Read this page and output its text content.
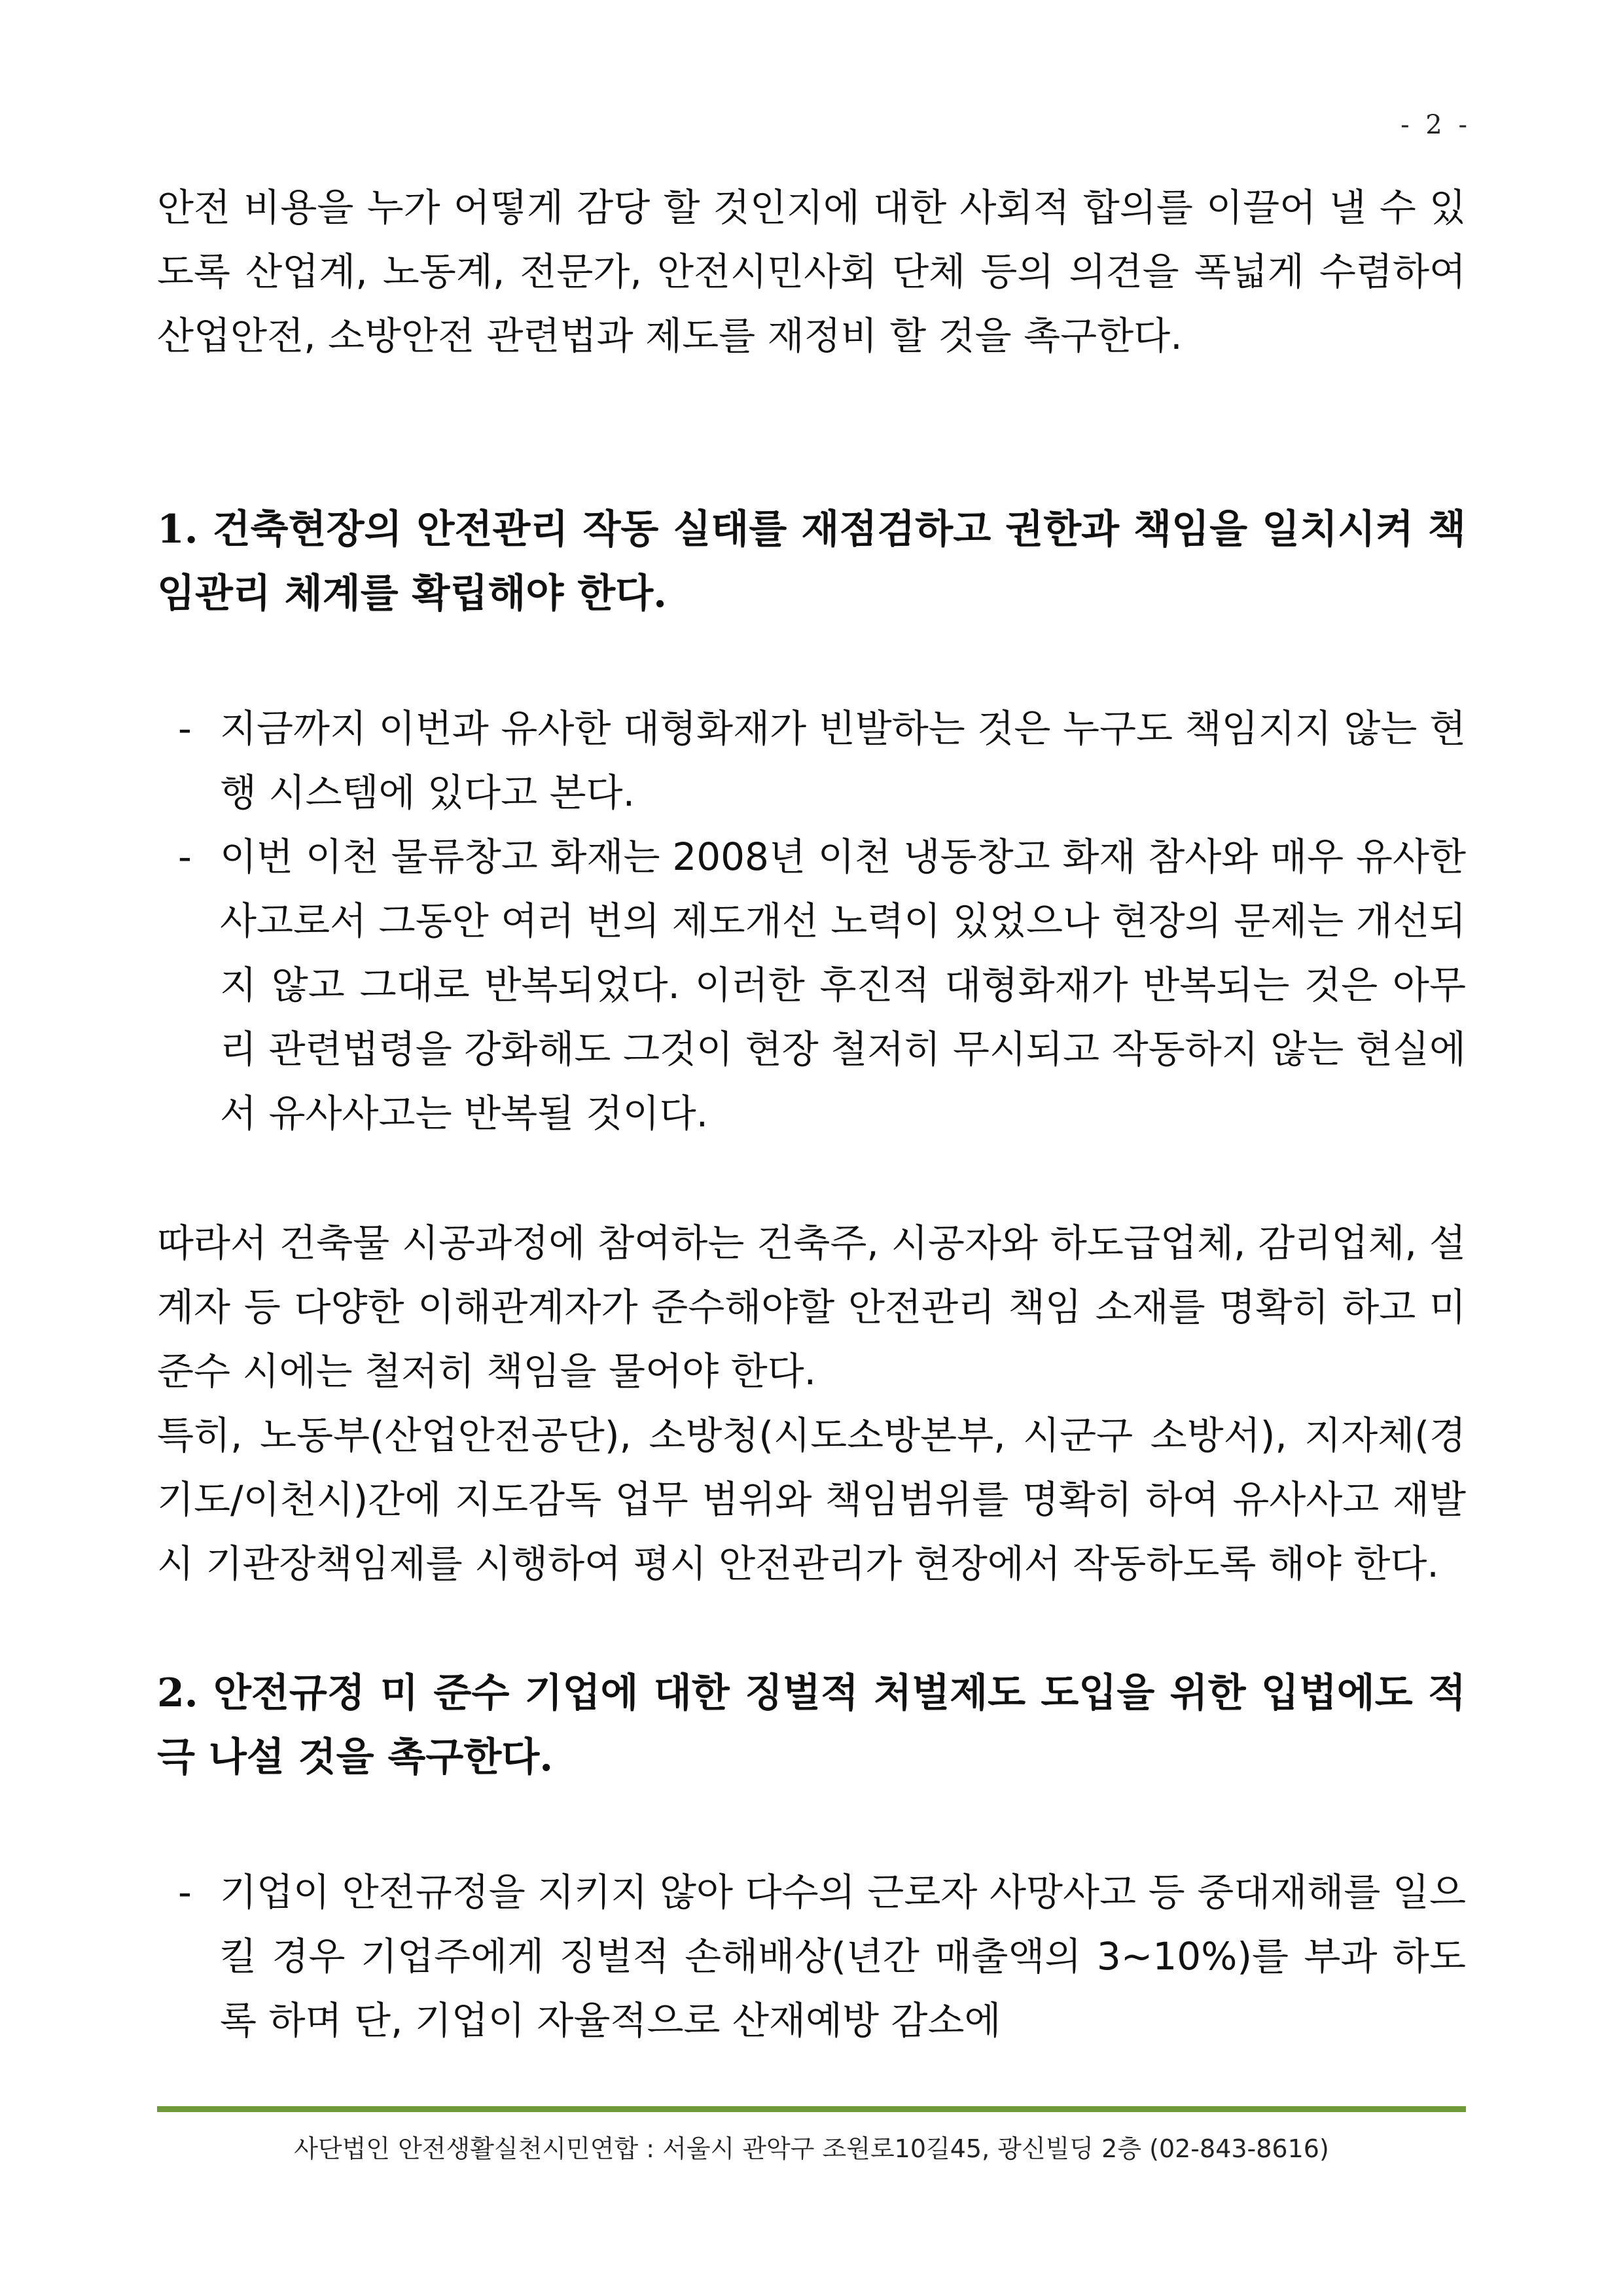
- 2 -

안전 비용을 누가 어떻게 감당 할 것인지에 대한 사회적 합의를 이끌어 낼 수 있도록 산업계, 노동계, 전문가, 안전시민사회 단체 등의 의견을 폭넓게 수렴하여 산업안전, 소방안전 관련법과 제도를 재정비 할 것을 촉구한다.

1. 건축현장의 안전관리 작동 실태를 재점검하고 권한과 책임을 일치시켜 책임관리 체계를 확립해야 한다.
- 지금까지 이번과 유사한 대형화재가 빈발하는 것은 누구도 책임지지 않는 현행 시스템에 있다고 본다.
- 이번 이천 물류창고 화재는 2008년 이천 냉동창고 화재 참사와 매우 유사한 사고로서 그동안 여러 번의 제도개선 노력이 있었으나 현장의 문제는 개선되지 않고 그대로 반복되었다. 이러한 후진적 대형화재가 반복되는 것은 아무리 관련법령을 강화해도 그것이 현장 철저히 무시되고 작동하지 않는 현실에서 유사사고는 반복될 것이다.

따라서 건축물 시공과정에 참여하는 건축주, 시공자와 하도급업체, 감리업체, 설계자 등 다양한 이해관계자가 준수해야할 안전관리 책임 소재를 명확히 하고 미 준수 시에는 철저히 책임을 물어야 한다.

특히, 노동부(산업안전공단), 소방청(시도소방본부, 시군구 소방서), 지자체(경기도/이천시)간에 지도감독 업무 범위와 책임범위를 명확히 하여 유사사고 재발 시 기관장책임제를 시행하여 평시 안전관리가 현장에서 작동하도록 해야 한다.

2. 안전규정 미 준수 기업에 대한 징벌적 처벌제도 도입을 위한 입법에도 적극 나설 것을 촉구한다.
- 기업이 안전규정을 지키지 않아 다수의 근로자 사망사고 등 중대재해를 일으킬 경우 기업주에게 징벌적 손해배상(년간 매출액의 3~10%)를 부과 하도록 하며 단, 기업이 자율적으로 산재예방 감소에
사단법인 안전생활실천시민연합 : 서울시 관악구 조원로10길45, 광신빌딩 2층 (02-843-8616)
